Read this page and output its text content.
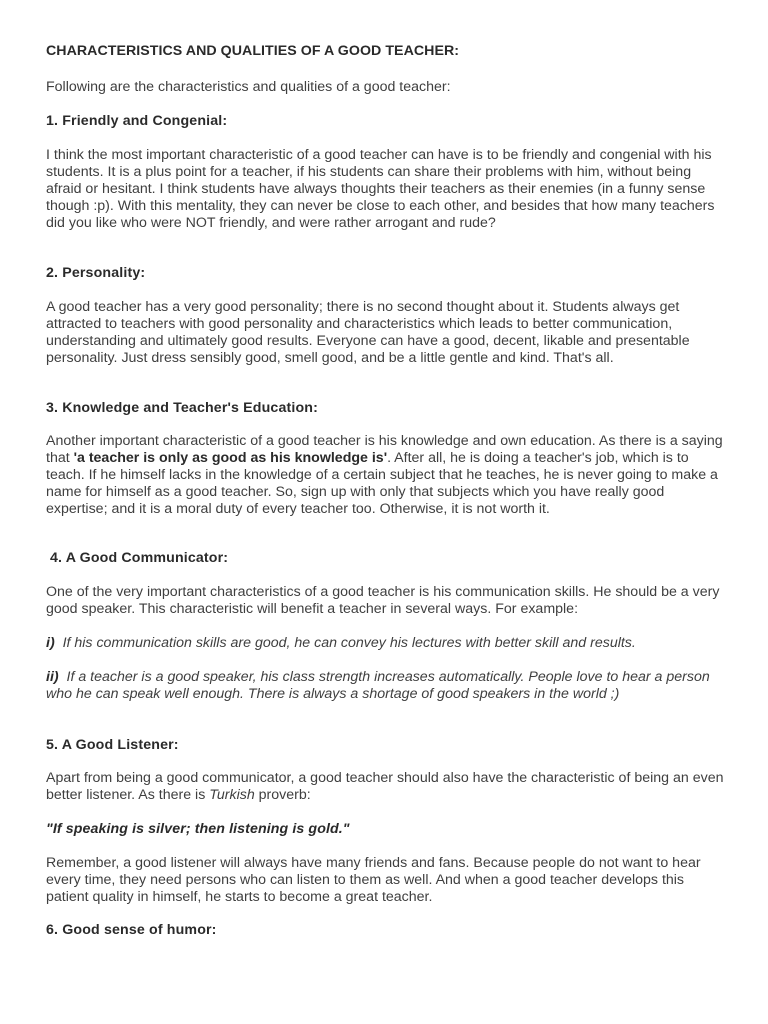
CHARACTERISTICS AND QUALITIES OF A GOOD TEACHER:

Following are the characteristics and qualities of a good teacher:

1. Friendly and Congenial:

I think the most important characteristic of a good teacher can have is to be friendly and congenial with his students. It is a plus point for a teacher, if his students can share their problems with him, without being afraid or hesitant. I think students have always thoughts their teachers as their enemies (in a funny sense though :p). With this mentality, they can never be close to each other, and besides that how many teachers did you like who were NOT friendly, and were rather arrogant and rude?

2. Personality:

A good teacher has a very good personality; there is no second thought about it. Students always get attracted to teachers with good personality and characteristics which leads to better communication, understanding and ultimately good results. Everyone can have a good, decent, likable and presentable personality. Just dress sensibly good, smell good, and be a little gentle and kind. That's all.

3. Knowledge and Teacher's Education:

Another important characteristic of a good teacher is his knowledge and own education. As there is a saying that 'a teacher is only as good as his knowledge is'. After all, he is doing a teacher's job, which is to teach. If he himself lacks in the knowledge of a certain subject that he teaches, he is never going to make a name for himself as a good teacher. So, sign up with only that subjects which you have really good expertise; and it is a moral duty of every teacher too. Otherwise, it is not worth it.

4. A Good Communicator:

One of the very important characteristics of a good teacher is his communication skills. He should be a very good speaker. This characteristic will benefit a teacher in several ways. For example:

i) If his communication skills are good, he can convey his lectures with better skill and results.

ii) If a teacher is a good speaker, his class strength increases automatically. People love to hear a person who he can speak well enough. There is always a shortage of good speakers in the world ;)

5. A Good Listener:

Apart from being a good communicator, a good teacher should also have the characteristic of being an even better listener. As there is Turkish proverb:

"If speaking is silver; then listening is gold."

Remember, a good listener will always have many friends and fans. Because people do not want to hear every time, they need persons who can listen to them as well. And when a good teacher develops this patient quality in himself, he starts to become a great teacher.

6. Good sense of humor:
